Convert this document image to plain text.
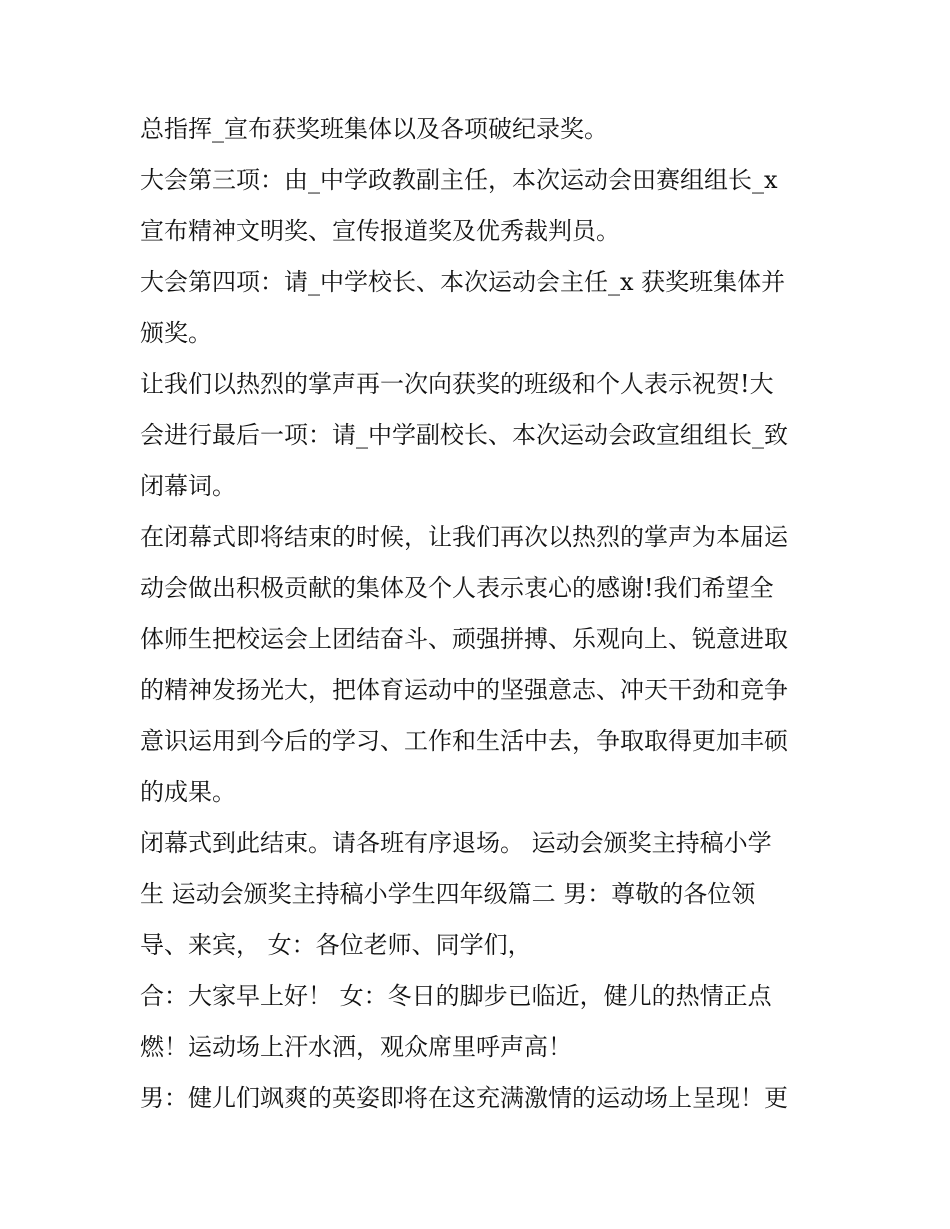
总指挥_宣布获奖班集体以及各项破纪录奖。

大会第三项：由_中学政教副主任，本次运动会田赛组组长_x

宣布精神文明奖、宣传报道奖及优秀裁判员。

大会第四项：请_中学校长、本次运动会主任_x 获奖班集体并

颁奖。

让我们以热烈的掌声再一次向获奖的班级和个人表示祝贺!大

会进行最后一项：请_中学副校长、本次运动会政宣组组长_致

闭幕词。

在闭幕式即将结束的时候，让我们再次以热烈的掌声为本届运

动会做出积极贡献的集体及个人表示衷心的感谢!我们希望全

体师生把校运会上团结奋斗、顽强拼搏、乐观向上、锐意进取

的精神发扬光大，把体育运动中的坚强意志、冲天干劲和竞争

意识运用到今后的学习、工作和生活中去，争取取得更加丰硕

的成果。

闭幕式到此结束。请各班有序退场。 运动会颁奖主持稿小学

生 运动会颁奖主持稿小学生四年级篇二 男：尊敬的各位领

导、来宾， 女：各位老师、同学们，

合：大家早上好！ 女：冬日的脚步已临近，健儿的热情正点

燃！运动场上汗水洒，观众席里呼声高！

男：健儿们飒爽的英姿即将在这充满激情的运动场上呈现！更
